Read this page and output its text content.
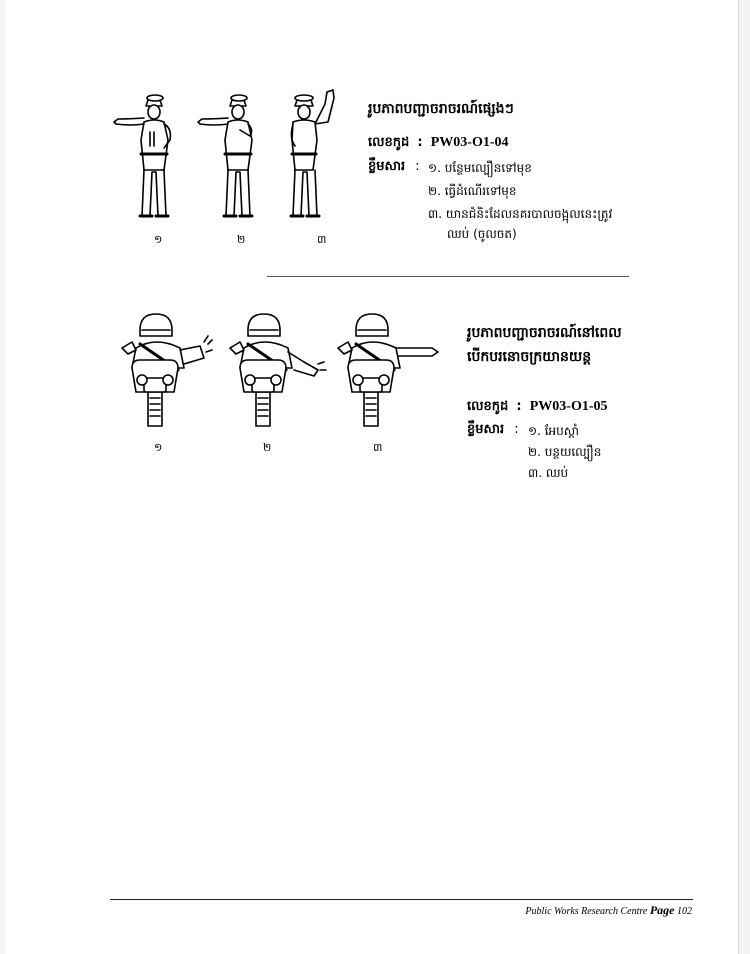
១	២	៣
រូបភាពបញ្ជាចរាចរណ៍ផ្សេងៗ
លេខកូដ : PW03-O1-04
ខ្លឹមសារ : ១. បន្ថែមល្បឿនទៅមុខ
២. ធ្វើដំណើរទៅមុខ
៣. យានជំនិះដែលនគរបាលចង្អុលនេះត្រូវ
ឈប់ (ចូលចត)
១	២	៣
រូបភាពបញ្ជាចរាចរណ៍នៅពេល
បើកបរនោចក្រយានយន្ត
លេខកូដ : PW03-O1-05
ខ្លឹមសារ : ១. អែបស្ដាំ
២. បន្ថយល្បឿន
៣. ឈប់
Public Works Research Centre Page 102
